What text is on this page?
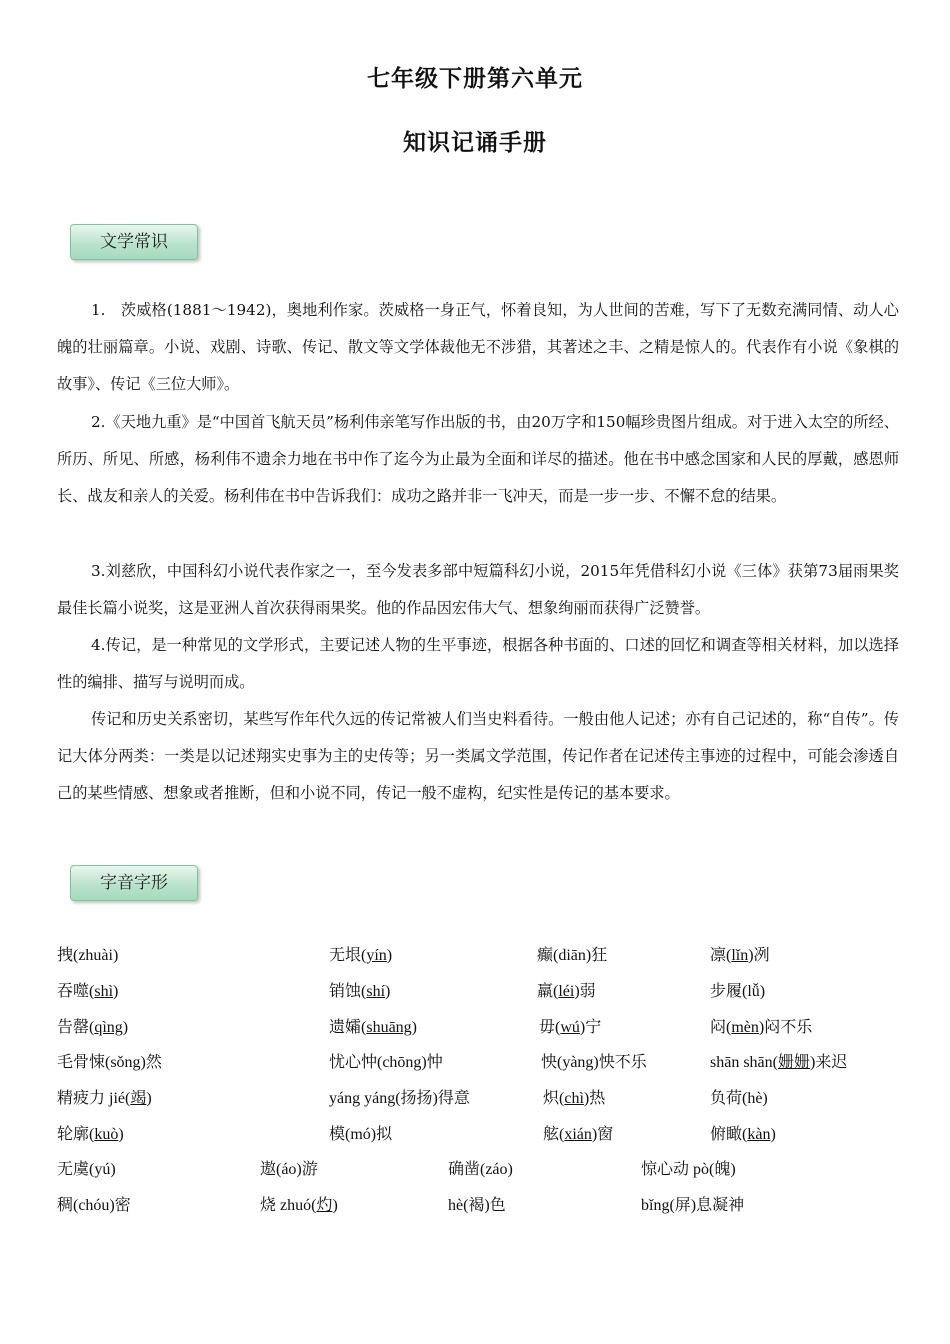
七年级下册第六单元
知识记诵手册
文学常识

1.　茨威格(1881～1942)，奥地利作家。茨威格一身正气，怀着良知，为人世间的苦难，写下了无数充满同情、动人心魄的壮丽篇章。小说、戏剧、诗歌、传记、散文等文学体裁他无不涉猎，其著述之丰、之精是惊人的。代表作有小说《象棋的故事》、传记《三位大师》。

2.《天地九重》是“中国首飞航天员”杨利伟亲笔写作出版的书，由20万字和150幅珍贵图片组成。对于进入太空的所经、所历、所见、所感，杨利伟不遗余力地在书中作了迄今为止最为全面和详尽的描述。他在书中感念国家和人民的厚戴，感恩师长、战友和亲人的关爱。杨利伟在书中告诉我们：成功之路并非一飞冲天，而是一步一步、不懈不怠的结果。

3.刘慈欣，中国科幻小说代表作家之一，至今发表多部中短篇科幻小说，2015年凭借科幻小说《三体》获第73届雨果奖最佳长篇小说奖，这是亚洲人首次获得雨果奖。他的作品因宏伟大气、想象绚丽而获得广泛赞誉。

4.传记，是一种常见的文学形式，主要记述人物的生平事迹，根据各种书面的、口述的回忆和调查等相关材料，加以选择性的编排、描写与说明而成。

传记和历史关系密切，某些写作年代久远的传记常被人们当史料看待。一般由他人记述；亦有自己记述的，称“自传”。传记大体分两类：一类是以记述翔实史事为主的史传等；另一类属文学范围，传记作者在记述传主事迹的过程中，可能会渗透自己的某些情感、想象或者推断，但和小说不同，传记一般不虚构，纪实性是传记的基本要求。

字音字形
拽(zhuài)	无垠(yín)	癫(diān)狂	凛(lǐn)冽
吞噬(shì)	销蚀(shí)	羸(léi)弱	步履(lǚ)
告罄(qìng)	遗孀(shuāng)	毋(wú)宁	闷(mèn)闷不乐
毛骨悚(sǒng)然	忧心忡(chōng)忡	怏(yàng)怏不乐	shān shān(姗姗)来迟
精疲力 jié(竭)	yáng yáng(扬扬)得意	炽(chì)热	负荷(hè)
轮廓(kuò)	模(mó)拟	舷(xián)窗	俯瞰(kàn)
无虞(yú)	遨(áo)游	确凿(záo)	惊心动 pò(魄)
稠(chóu)密	烧 zhuó(灼)	hè(褐)色	bǐng(屏)息凝神
